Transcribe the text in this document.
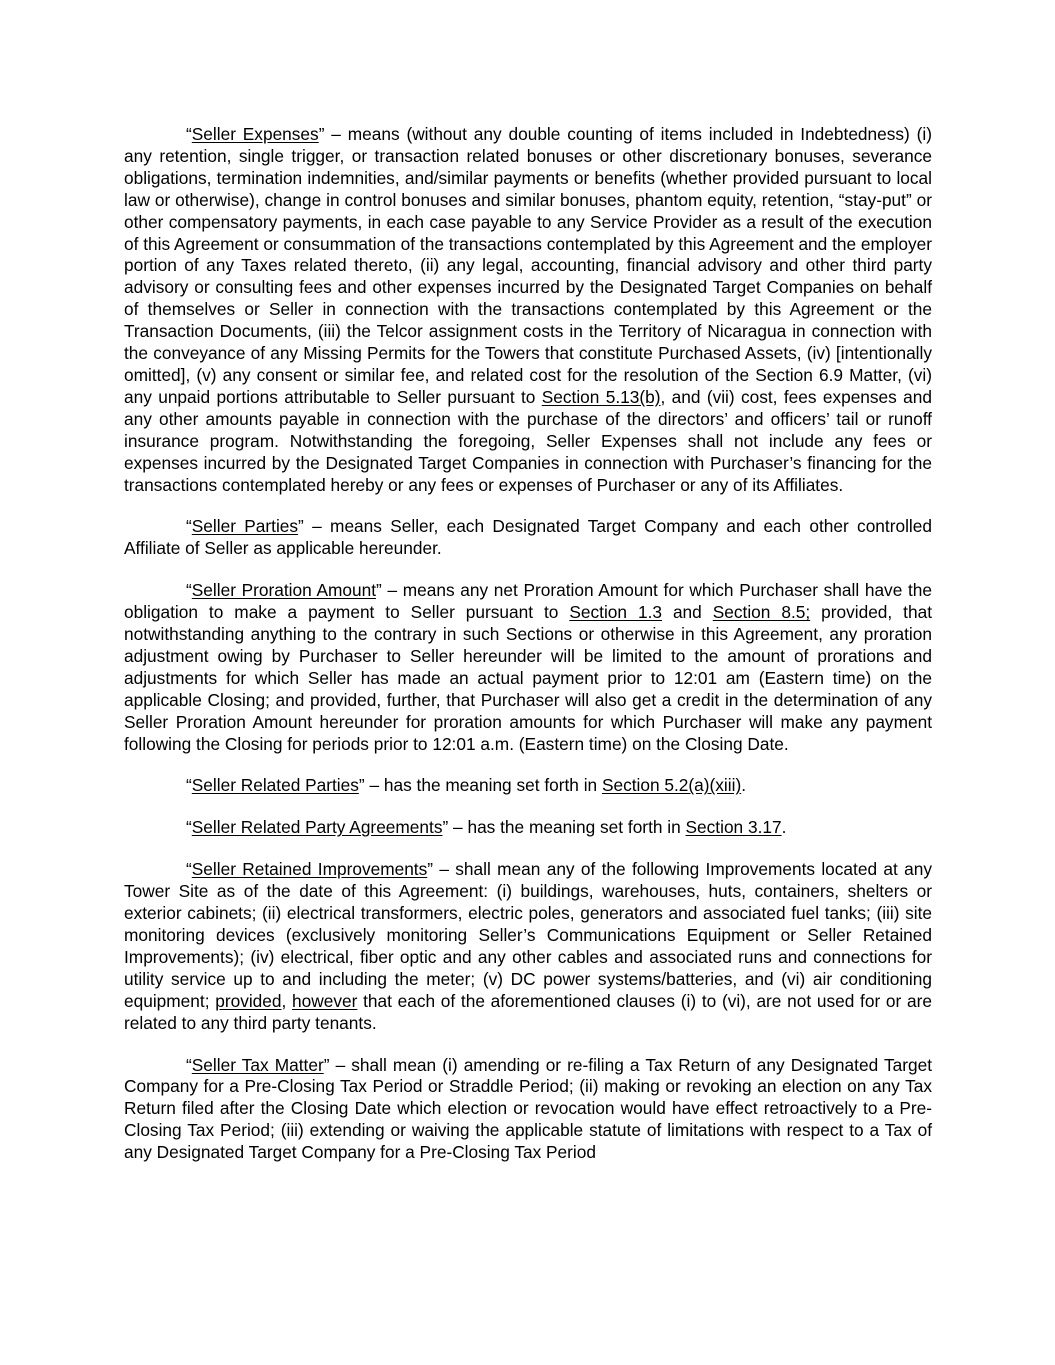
“Seller Expenses” – means (without any double counting of items included in Indebtedness) (i) any retention, single trigger, or transaction related bonuses or other discretionary bonuses, severance obligations, termination indemnities, and/similar payments or benefits (whether provided pursuant to local law or otherwise), change in control bonuses and similar bonuses, phantom equity, retention, “stay-put” or other compensatory payments, in each case payable to any Service Provider as a result of the execution of this Agreement or consummation of the transactions contemplated by this Agreement and the employer portion of any Taxes related thereto, (ii) any legal, accounting, financial advisory and other third party advisory or consulting fees and other expenses incurred by the Designated Target Companies on behalf of themselves or Seller in connection with the transactions contemplated by this Agreement or the Transaction Documents, (iii) the Telcor assignment costs in the Territory of Nicaragua in connection with the conveyance of any Missing Permits for the Towers that constitute Purchased Assets, (iv) [intentionally omitted], (v) any consent or similar fee, and related cost for the resolution of the Section 6.9 Matter, (vi) any unpaid portions attributable to Seller pursuant to Section 5.13(b), and (vii) cost, fees expenses and any other amounts payable in connection with the purchase of the directors’ and officers’ tail or runoff insurance program. Notwithstanding the foregoing, Seller Expenses shall not include any fees or expenses incurred by the Designated Target Companies in connection with Purchaser’s financing for the transactions contemplated hereby or any fees or expenses of Purchaser or any of its Affiliates.

“Seller Parties” – means Seller, each Designated Target Company and each other controlled Affiliate of Seller as applicable hereunder.

“Seller Proration Amount” – means any net Proration Amount for which Purchaser shall have the obligation to make a payment to Seller pursuant to Section 1.3 and Section 8.5; provided, that notwithstanding anything to the contrary in such Sections or otherwise in this Agreement, any proration adjustment owing by Purchaser to Seller hereunder will be limited to the amount of prorations and adjustments for which Seller has made an actual payment prior to 12:01 am (Eastern time) on the applicable Closing; and provided, further, that Purchaser will also get a credit in the determination of any Seller Proration Amount hereunder for proration amounts for which Purchaser will make any payment following the Closing for periods prior to 12:01 a.m. (Eastern time) on the Closing Date.

“Seller Related Parties” – has the meaning set forth in Section 5.2(a)(xiii).

“Seller Related Party Agreements” – has the meaning set forth in Section 3.17.

“Seller Retained Improvements” – shall mean any of the following Improvements located at any Tower Site as of the date of this Agreement: (i) buildings, warehouses, huts, containers, shelters or exterior cabinets; (ii) electrical transformers, electric poles, generators and associated fuel tanks; (iii) site monitoring devices (exclusively monitoring Seller’s Communications Equipment or Seller Retained Improvements); (iv) electrical, fiber optic and any other cables and associated runs and connections for utility service up to and including the meter; (v) DC power systems/batteries, and (vi) air conditioning equipment; provided, however that each of the aforementioned clauses (i) to (vi), are not used for or are related to any third party tenants.

“Seller Tax Matter” – shall mean (i) amending or re-filing a Tax Return of any Designated Target Company for a Pre-Closing Tax Period or Straddle Period; (ii) making or revoking an election on any Tax Return filed after the Closing Date which election or revocation would have effect retroactively to a Pre-Closing Tax Period; (iii) extending or waiving the applicable statute of limitations with respect to a Tax of any Designated Target Company for a Pre-Closing Tax Period
